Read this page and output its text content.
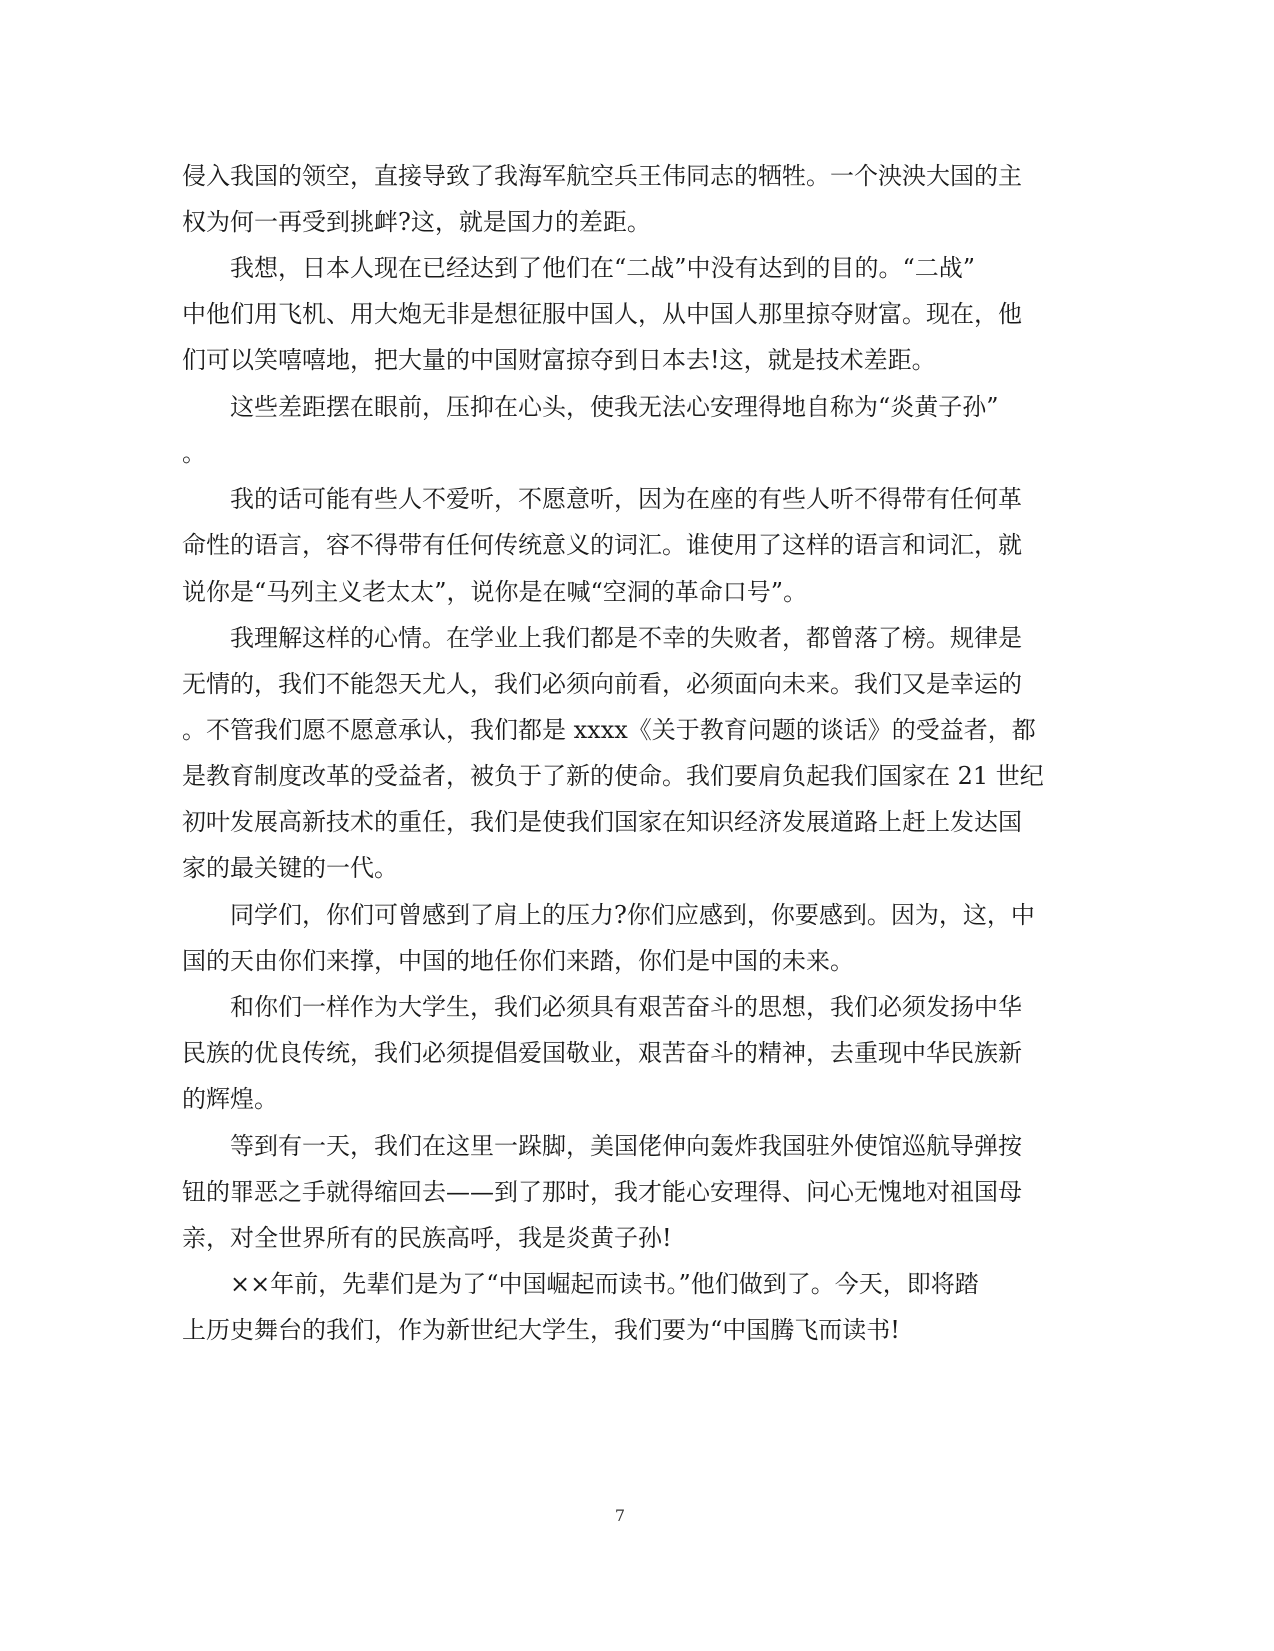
侵入我国的领空，直接导致了我海军航空兵王伟同志的牺牲。一个泱泱大国的主
权为何一再受到挑衅?这，就是国力的差距。
我想，日本人现在已经达到了他们在“二战”中没有达到的目的。“二战”
中他们用飞机、用大炮无非是想征服中国人，从中国人那里掠夺财富。现在，他
们可以笑嘻嘻地，把大量的中国财富掠夺到日本去!这，就是技术差距。
这些差距摆在眼前，压抑在心头，使我无法心安理得地自称为“炎黄子孙”
。
我的话可能有些人不爱听，不愿意听，因为在座的有些人听不得带有任何革
命性的语言，容不得带有任何传统意义的词汇。谁使用了这样的语言和词汇，就
说你是“马列主义老太太”，说你是在喊“空洞的革命口号”。
我理解这样的心情。在学业上我们都是不幸的失败者，都曾落了榜。规律是
无情的，我们不能怨天尤人，我们必须向前看，必须面向未来。我们又是幸运的
。不管我们愿不愿意承认，我们都是 xxxx《关于教育问题的谈话》的受益者，都
是教育制度改革的受益者，被负于了新的使命。我们要肩负起我们国家在 21 世纪
初叶发展高新技术的重任，我们是使我们国家在知识经济发展道路上赶上发达国
家的最关键的一代。
同学们，你们可曾感到了肩上的压力?你们应感到，你要感到。因为，这，中
国的天由你们来撑，中国的地任你们来踏，你们是中国的未来。
和你们一样作为大学生，我们必须具有艰苦奋斗的思想，我们必须发扬中华
民族的优良传统，我们必须提倡爱国敬业，艰苦奋斗的精神，去重现中华民族新
的辉煌。
等到有一天，我们在这里一跺脚，美国佬伸向轰炸我国驻外使馆巡航导弹按
钮的罪恶之手就得缩回去——到了那时，我才能心安理得、问心无愧地对祖国母
亲，对全世界所有的民族高呼，我是炎黄子孙!
××年前，先辈们是为了“中国崛起而读书。”他们做到了。今天，即将踏
上历史舞台的我们，作为新世纪大学生，我们要为“中国腾飞而读书!
7
